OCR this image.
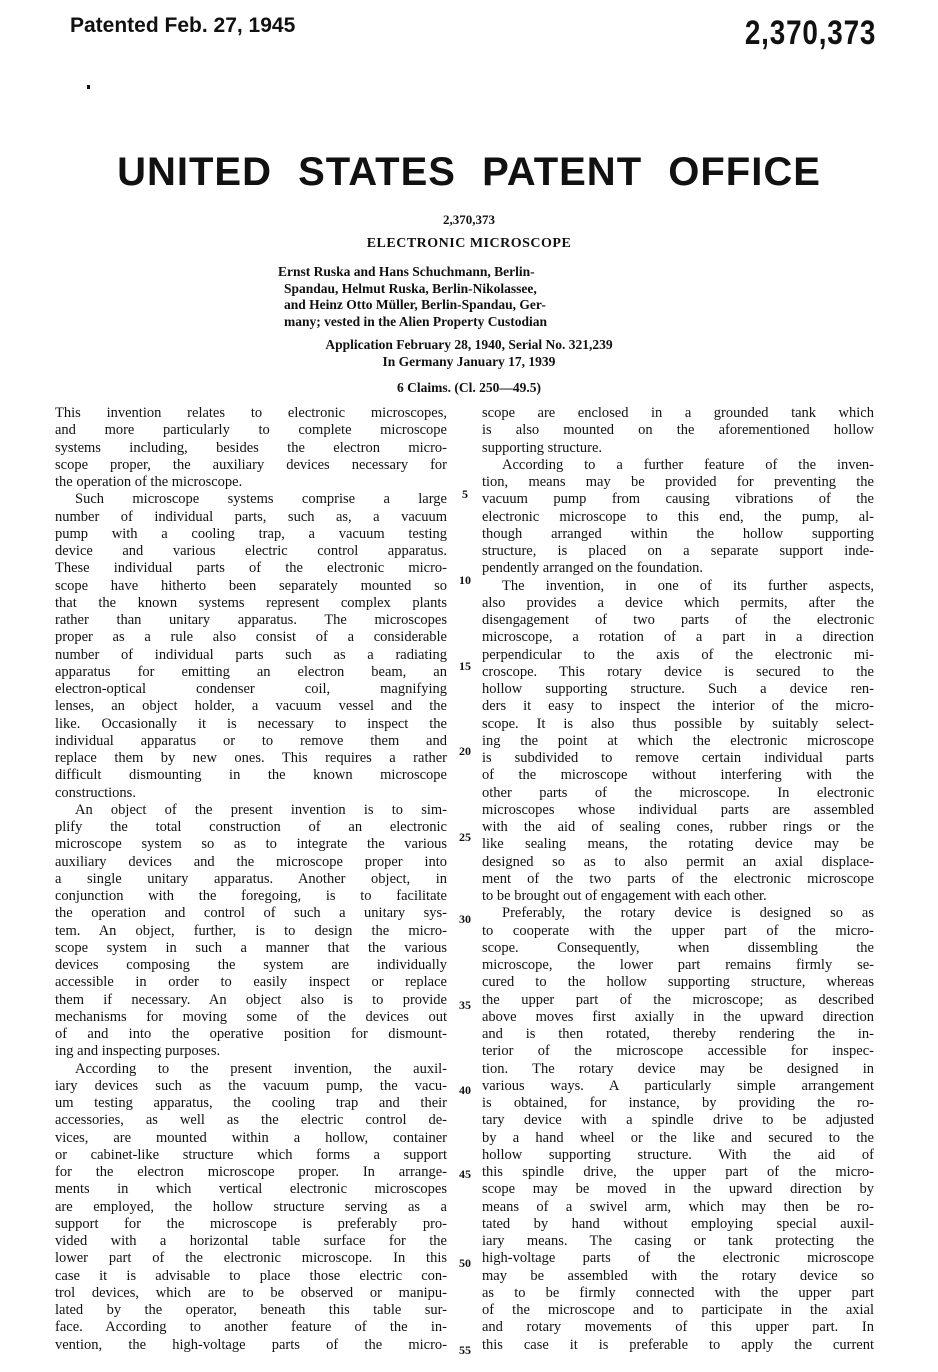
Patented Feb. 27, 1945	2,370,373
UNITED STATES PATENT OFFICE
2,370,373
ELECTRONIC MICROSCOPE
Ernst Ruska and Hans Schuchmann, Berlin-
Spandau, Helmut Ruska, Berlin-Nikolassee,
and Heinz Otto Müller, Berlin-Spandau, Ger-
many; vested in the Alien Property Custodian
Application February 28, 1940, Serial No. 321,239
In Germany January 17, 1939
6 Claims. (Cl. 250—49.5)
This invention relates to electronic microscopes,
and more particularly to complete microscope
systems including, besides the electron micro-
scope proper, the auxiliary devices necessary for
the operation of the microscope.
Such microscope systems comprise a large
number of individual parts, such as, a vacuum
pump with a cooling trap, a vacuum testing
device and various electric control apparatus.
These individual parts of the electronic micro-
scope have hitherto been separately mounted so
that the known systems represent complex plants
rather than unitary apparatus. The microscopes
proper as a rule also consist of a considerable
number of individual parts such as a radiating
apparatus for emitting an electron beam, an
electron-optical condenser coil, magnifying
lenses, an object holder, a vacuum vessel and the
like. Occasionally it is necessary to inspect the
individual apparatus or to remove them and
replace them by new ones. This requires a rather
difficult dismounting in the known microscope
constructions.
An object of the present invention is to sim-
plify the total construction of an electronic
microscope system so as to integrate the various
auxiliary devices and the microscope proper into
a single unitary apparatus. Another object, in
conjunction with the foregoing, is to facilitate
the operation and control of such a unitary sys-
tem. An object, further, is to design the micro-
scope system in such a manner that the various
devices composing the system are individually
accessible in order to easily inspect or replace
them if necessary. An object also is to provide
mechanisms for moving some of the devices out
of and into the operative position for dismount-
ing and inspecting purposes.
According to the present invention, the auxil-
iary devices such as the vacuum pump, the vacu-
um testing apparatus, the cooling trap and their
accessories, as well as the electric control de-
vices, are mounted within a hollow, container
or cabinet-like structure which forms a support
for the electron microscope proper. In arrange-
ments in which vertical electronic microscopes
are employed, the hollow structure serving as a
support for the microscope is preferably pro-
vided with a horizontal table surface for the
lower part of the electronic microscope. In this
case it is advisable to place those electric con-
trol devices, which are to be observed or manipu-
lated by the operator, beneath this table sur-
face. According to another feature of the in-
vention, the high-voltage parts of the micro-
scope are enclosed in a grounded tank which
is also mounted on the aforementioned hollow
supporting structure.
According to a further feature of the inven-
tion, means may be provided for preventing the
vacuum pump from causing vibrations of the
electronic microscope to this end, the pump, al-
though arranged within the hollow supporting
structure, is placed on a separate support inde-
pendently arranged on the foundation.
The invention, in one of its further aspects,
also provides a device which permits, after the
disengagement of two parts of the electronic
microscope, a rotation of a part in a direction
perpendicular to the axis of the electronic mi-
croscope. This rotary device is secured to the
hollow supporting structure. Such a device ren-
ders it easy to inspect the interior of the micro-
scope. It is also thus possible by suitably select-
ing the point at which the electronic microscope
is subdivided to remove certain individual parts
of the microscope without interfering with the
other parts of the microscope. In electronic
microscopes whose individual parts are assembled
with the aid of sealing cones, rubber rings or the
like sealing means, the rotating device may be
designed so as to also permit an axial displace-
ment of the two parts of the electronic microscope
to be brought out of engagement with each other.
Preferably, the rotary device is designed so as
to cooperate with the upper part of the micro-
scope. Consequently, when dissembling the
microscope, the lower part remains firmly se-
cured to the hollow supporting structure, whereas
the upper part of the microscope; as described
above moves first axially in the upward direction
and is then rotated, thereby rendering the in-
terior of the microscope accessible for inspec-
tion. The rotary device may be designed in
various ways. A particularly simple arrangement
is obtained, for instance, by providing the ro-
tary device with a spindle drive to be adjusted
by a hand wheel or the like and secured to the
hollow supporting structure. With the aid of
this spindle drive, the upper part of the micro-
scope may be moved in the upward direction by
means of a swivel arm, which may then be ro-
tated by hand without employing special auxil-
iary means. The casing or tank protecting the
high-voltage parts of the electronic microscope
may be assembled with the rotary device so
as to be firmly connected with the upper part
of the microscope and to participate in the axial
and rotary movements of this upper part. In
this case it is preferable to apply the current
5
10
15
20
25
30
35
40
45
50
55
